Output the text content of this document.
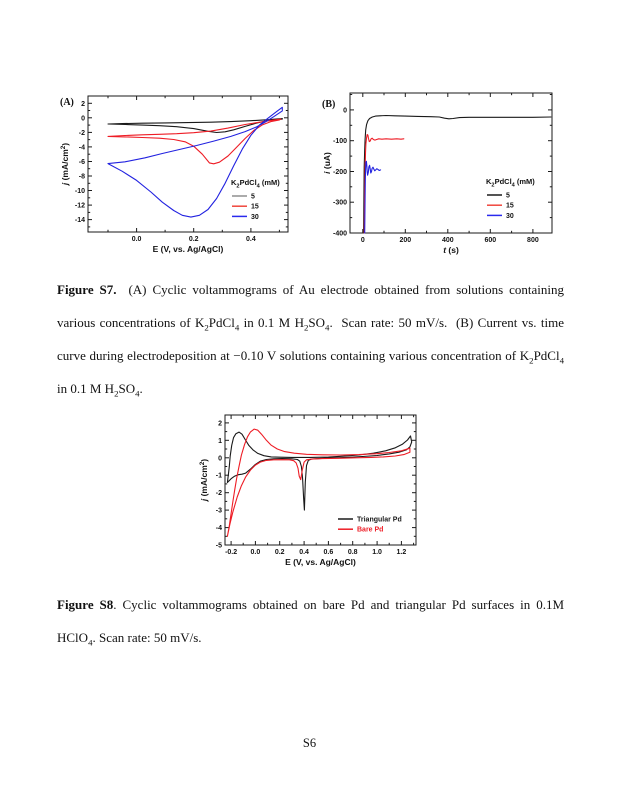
0.0	0.2	0.4
2
0
-2
-4
-6
-8
-10
-12
-14
E (V, vs. Ag/AgCl)
j $(mA/cm^2)$
(A)
$K_2PdCl_4$ (mM)
5
15
30
0	200	400	600	800
0
-100
-200
-300
-400
t (s)
i (uA)
(B)
$K_2PdCl_4$ (mM)
5
15
30

Figure S7.  (A) Cyclic voltammograms of Au electrode obtained from solutions containing various concentrations of $K_2PdCl_4$ in 0.1 M $H_2SO_4$.  Scan rate: 50 mV/s.  (B) Current vs. time curve during electrodeposition at −0.10 V solutions containing various concentration of $K_2PdCl_4$ in 0.1 M $H_2SO_4$.

-0.2 0.0 0.2 0.4 0.6 0.8 1.0 1.2
2
1
0
-1
-2
-3
-4
-5
E (V, vs. Ag/AgCl)
j $(mA/cm^2)$
Triangular Pd
Bare Pd

Figure S8. Cyclic voltammograms obtained on bare Pd and triangular Pd surfaces in 0.1M HClO$_4$. Scan rate: 50 mV/s.

S6
